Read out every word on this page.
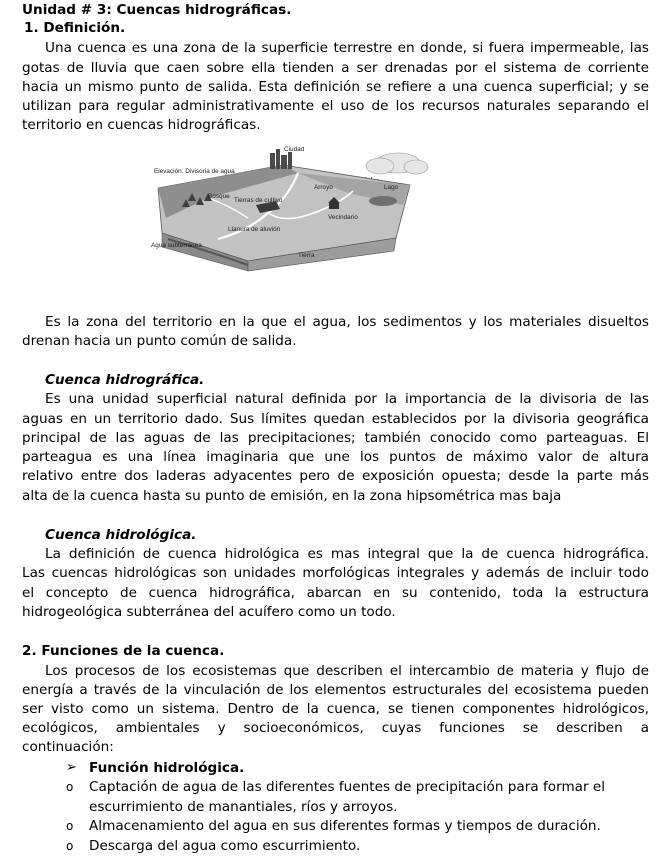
Unidad # 3: Cuencas hidrográficas.
1. Definición.
Una cuenca es una zona de la superficie terrestre en donde, si fuera impermeable, las
gotas de lluvia que caen sobre ella tienden a ser drenadas por el sistema de corriente
hacia un mismo punto de salida. Esta definición se refiere a una cuenca superficial; y se
utilizan para regular administrativamente el uso de los recursos naturales separando el
territorio en cuencas hidrográficas.
Ciudad
Elevación: Divisoria de agua
Arroyo	Lago
Bosque
Tierras de cultivo
Vecindario
Llanura de aluvión
Agua subterránea
Tierra
Es la zona del territorio en la que el agua, los sedimentos y los materiales disueltos
drenan hacia un punto común de salida.
Cuenca hidrográfica.
Es una unidad superficial natural definida por la importancia de la divisoria de las
aguas en un territorio dado. Sus límites quedan establecidos por la divisoria geográfica
principal de las aguas de las precipitaciones; también conocido como parteaguas. El
parteagua es una línea imaginaria que une los puntos de máximo valor de altura
relativo entre dos laderas adyacentes pero de exposición opuesta; desde la parte más
alta de la cuenca hasta su punto de emisión, en la zona hipsométrica mas baja
Cuenca hidrológica.
La definición de cuenca hidrológica es mas integral que la de cuenca hidrográfica.
Las cuencas hidrológicas son unidades morfológicas integrales y además de incluir todo
el concepto de cuenca hidrográfica, abarcan en su contenido, toda la estructura
hidrogeológica subterránea del acuífero como un todo.
2. Funciones de la cuenca.
Los procesos de los ecosistemas que describen el intercambio de materia y flujo de
energía a través de la vinculación de los elementos estructurales del ecosistema pueden
ser visto como un sistema. Dentro de la cuenca, se tienen componentes hidrológicos,
ecológicos, ambientales y socioeconómicos, cuyas funciones se describen a
continuación:
➢ Función hidrológica.
o Captación de agua de las diferentes fuentes de precipitación para formar el
escurrimiento de manantiales, ríos y arroyos.
o Almacenamiento del agua en sus diferentes formas y tiempos de duración.
o Descarga del agua como escurrimiento.
